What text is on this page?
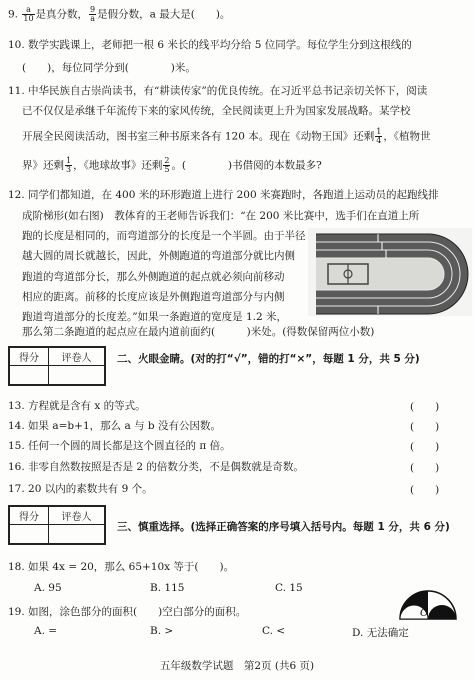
9. $\frac{a}{10}$ 是真分数， $\frac{9}{a}$ 是假分数，a 最大是(　　)。
10. 数学实践课上，老师把一根 6 米长的线平均分给 5 位同学。每位学生分到这根线的
(　　)，每位同学分到(　　　　)米。
11. 中华民族自古崇尚读书，有“耕读传家”的优良传统。在习近平总书记亲切关怀下，阅读
已不仅仅是承继千年流传下来的家风传统，全民阅读更上升为国家发展战略。某学校
开展全民阅读活动，图书室三种书原来各有 120 本。现在《动物王国》还剩 $\frac{1}{4}$ ，《植物世
界》还剩 $\frac{1}{3}$ ，《地球故事》还剩 $\frac{2}{5}$ 。(　　　　)书借阅的本数最多?
12. 同学们都知道，在 400 米的环形跑道上进行 200 米赛跑时，各跑道上运动员的起跑线排
成阶梯形(如右图)　教体育的王老师告诉我们：“在 200 米比赛中，选手们在直道上所
跑的长度是相同的，而弯道部分的长度是一个半圆。由于半径
越大圆的周长就越长，因此，外侧跑道的弯道部分就比内侧
跑道的弯道部分长，那么外侧跑道的起点就必须向前移动
相应的距离。前移的长度应该是外侧跑道弯道部分与内侧
跑道弯道部分的长度差。”如果一条跑道的宽度是 1.2 米，
那么第二条跑道的起点应在最内道前面约(　　　)米处。(得数保留两位小数)
得分	评卷人
	二、火眼金睛。(对的打“√”，错的打“×”，每题 1 分，共 5 分)
13. 方程就是含有 x 的等式。	(　　)
14. 如果 a=b+1，那么 a 与 b 没有公因数。	(　　)
15. 任何一个圆的周长都是这个圆直径的 π 倍。	(　　)
16. 非零自然数按照是否是 2 的倍数分类，不是偶数就是奇数。	(　　)
17. 20 以内的素数共有 9 个。	(　　)
得分	评卷人

三、慎重选择。(选择正确答案的序号填入括号内。每题 1 分，共 6 分)
18. 如果 4x = 20，那么 65+10x 等于(　　)。
A. 95	B. 115	C. 15
19. 如图，涂色部分的面积(　　)空白部分的面积。
A. =	B. >	C. <	D. 无法确定
O
五年级数学试题　第2页 (共6 页)
